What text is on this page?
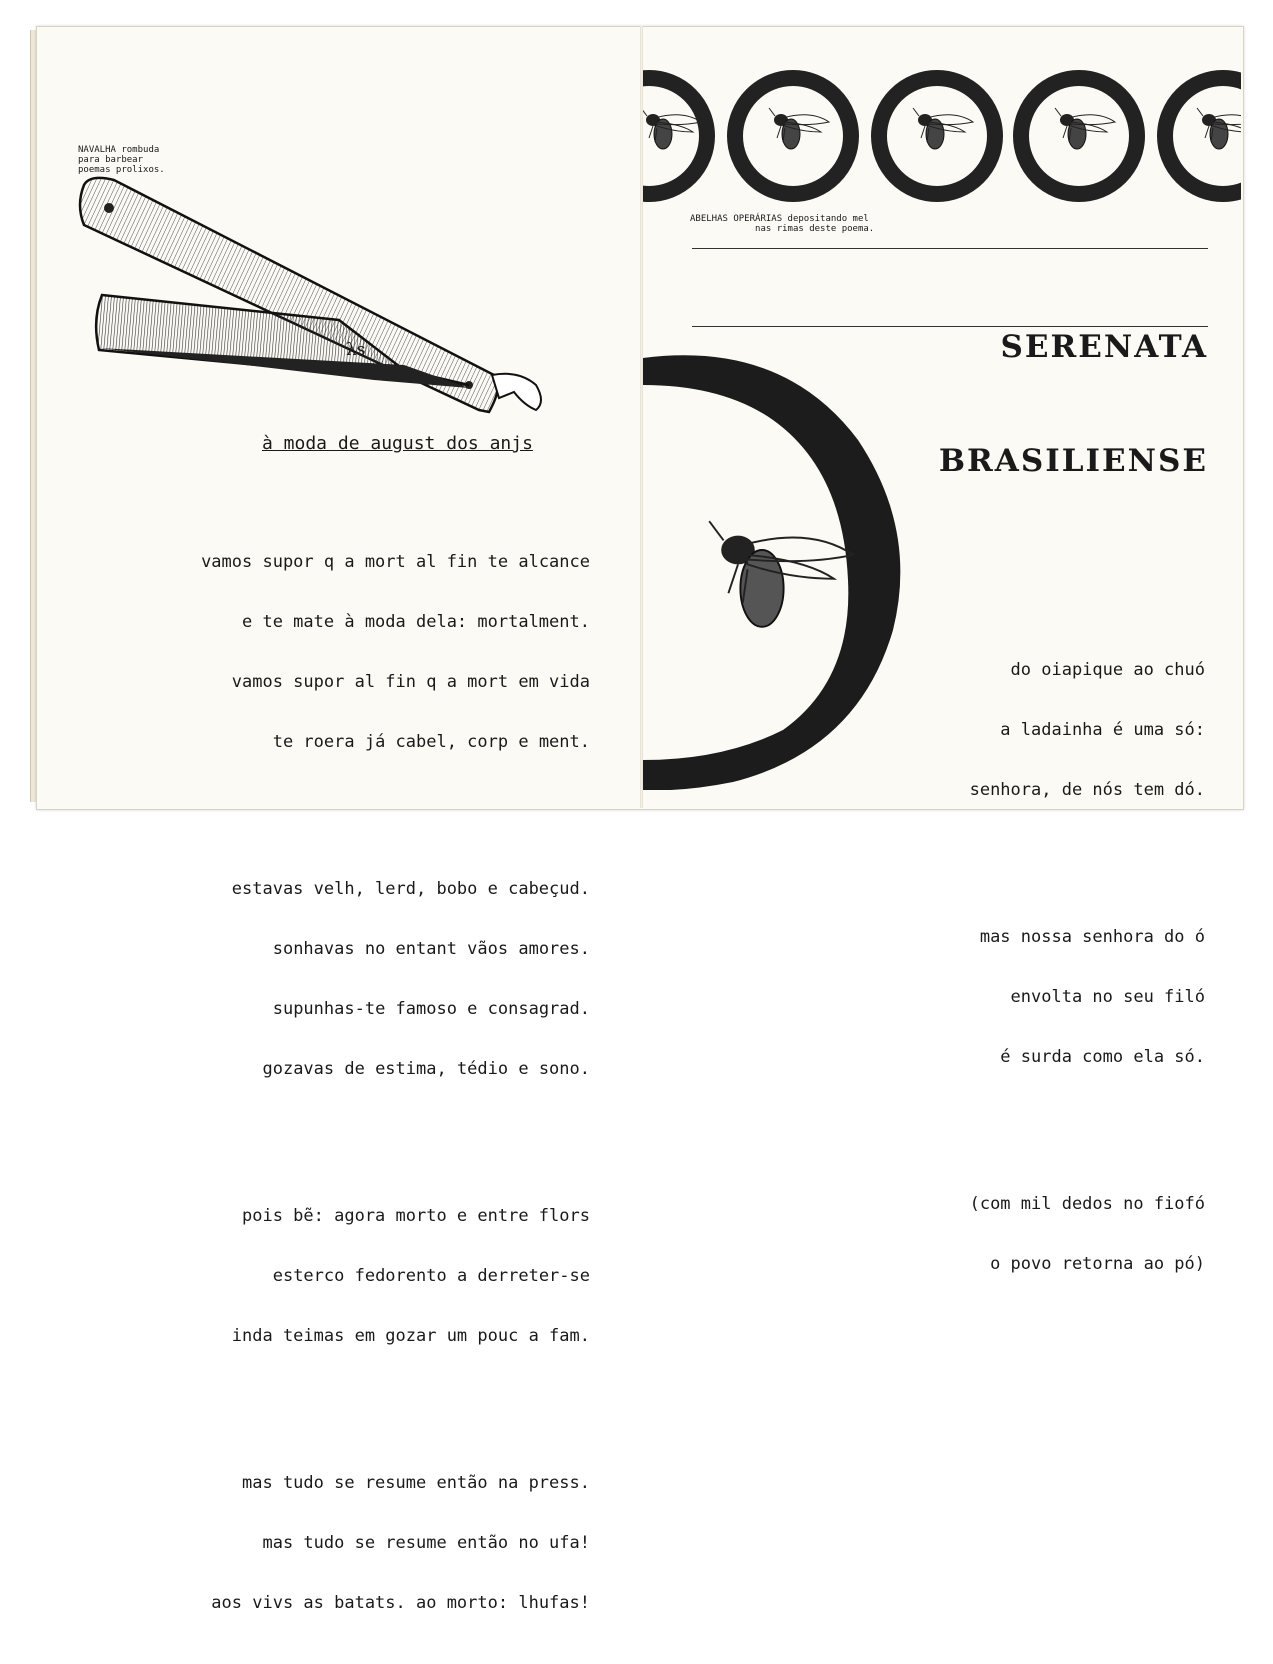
NAVALHA rombuda
para barbear
poemas prolixos.
λs
à moda de august dos anjs

vamos supor q a mort al fin te alcance

e te mate à moda dela: mortalment.

vamos supor al fin q a mort em vida

te roera já cabel, corp e ment.

estavas velh, lerd, bobo e cabeçud.

sonhavas no entant vãos amores.

supunhas-te famoso e consagrad.

gozavas de estima, tédio e sono.

pois bẽ: agora morto e entre flors

esterco fedorento a derreter-se

inda teimas em gozar um pouc a fam.

mas tudo se resume então na press.

mas tudo se resume então no ufa!

aos vivs as batats. ao morto: lhufas!

ABELHAS OPERÁRIAS depositando mel
nas rimas deste poema.

SERENATA

BRASILIENSE

do oiapique ao chuó

a ladainha é uma só:

senhora, de nós tem dó.

mas nossa senhora do ó

envolta no seu filó

é surda como ela só.

(com mil dedos no fiofó

o povo retorna ao pó)
